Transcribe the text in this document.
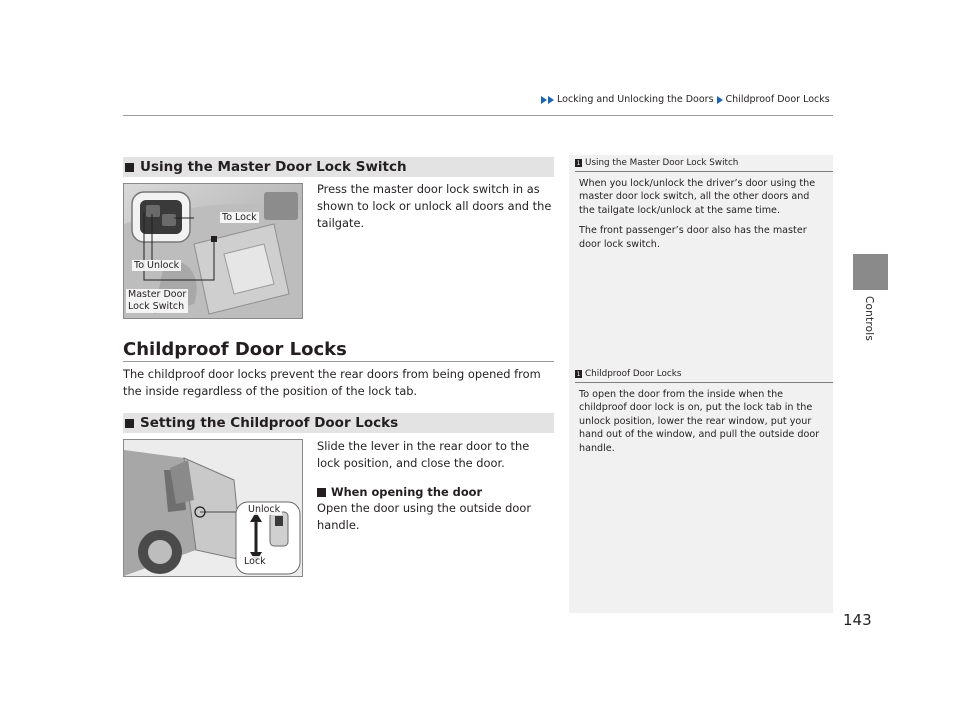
Locking and Unlocking the Doors Childproof Door Locks
Controls
Using the Master Door Lock Switch
To Lock
To Unlock
Master Door
Lock Switch
Press the master door lock switch in as shown to lock or unlock all doors and the tailgate.
Childproof Door Locks
The childproof door locks prevent the rear doors from being opened from the inside regardless of the position of the lock tab.
Setting the Childproof Door Locks
Unlock
Lock
Slide the lever in the rear door to the lock position, and close the door.
When opening the door
Open the door using the outside door handle.
1 Using the Master Door Lock Switch
When you lock/unlock the driver’s door using the master door lock switch, all the other doors and the tailgate lock/unlock at the same time.
The front passenger’s door also has the master door lock switch.
1 Childproof Door Locks
To open the door from the inside when the childproof door lock is on, put the lock tab in the unlock position, lower the rear window, put your hand out of the window, and pull the outside door handle.
143
